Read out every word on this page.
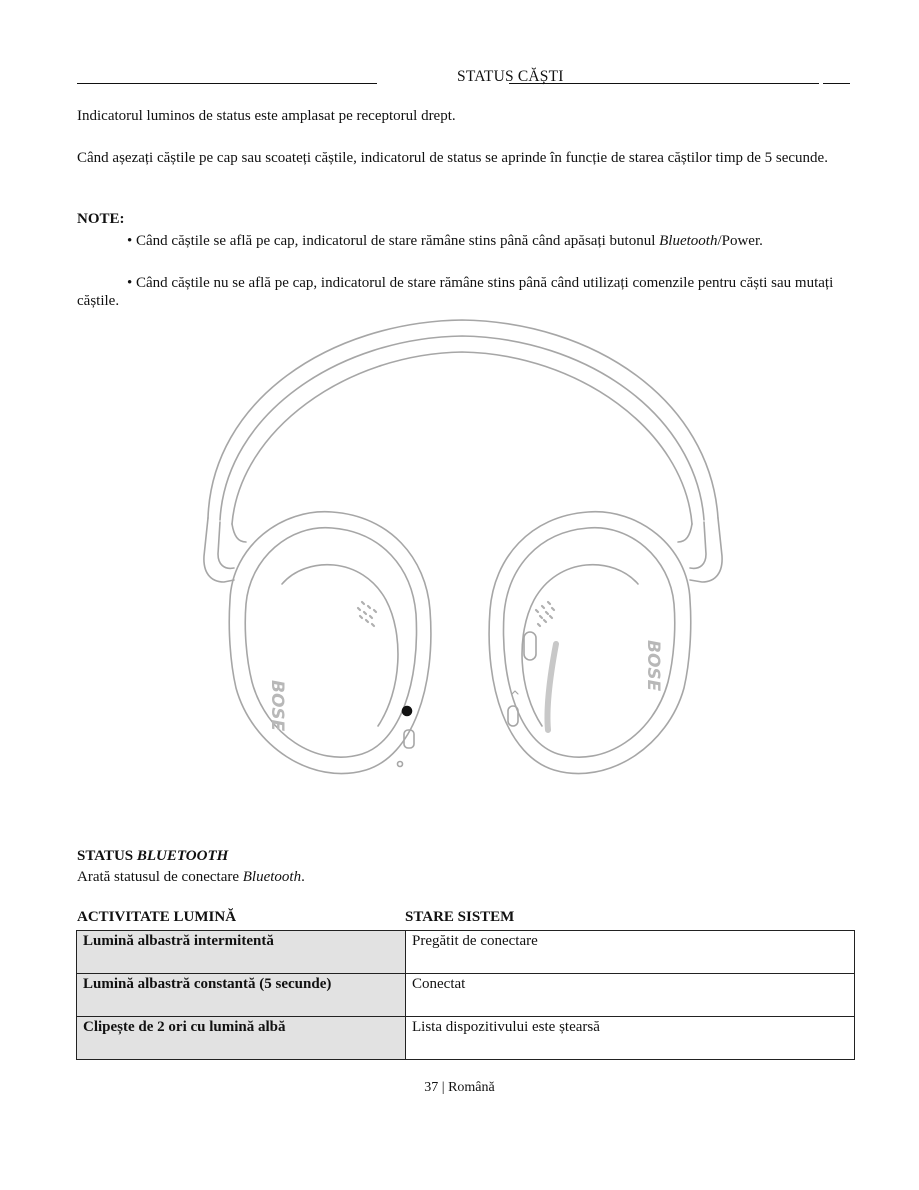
STATUS CĂȘTI
Indicatorul luminos de status este amplasat pe receptorul drept.
Când așezați căștile pe cap sau scoateți căștile, indicatorul de status se aprinde în funcție de starea căștilor timp de 5 secunde.
NOTE:
• Când căștile se află pe cap, indicatorul de stare rămâne stins până când apăsați butonul Bluetooth/Power.
• Când căștile nu se află pe cap, indicatorul de stare rămâne stins până când utilizați comenzile pentru căști sau mutați căștile.
BOSE
BOSE
STATUS BLUETOOTH
Arată statusul de conectare Bluetooth.
ACTIVITATE LUMINĂ	STARE SISTEM
Lumină albastră intermitentă	Pregătit de conectare
Lumină albastră constantă (5 secunde)	Conectat
Clipește de 2 ori cu lumină albă	Lista dispozitivului este ștearsă
37 | Română
